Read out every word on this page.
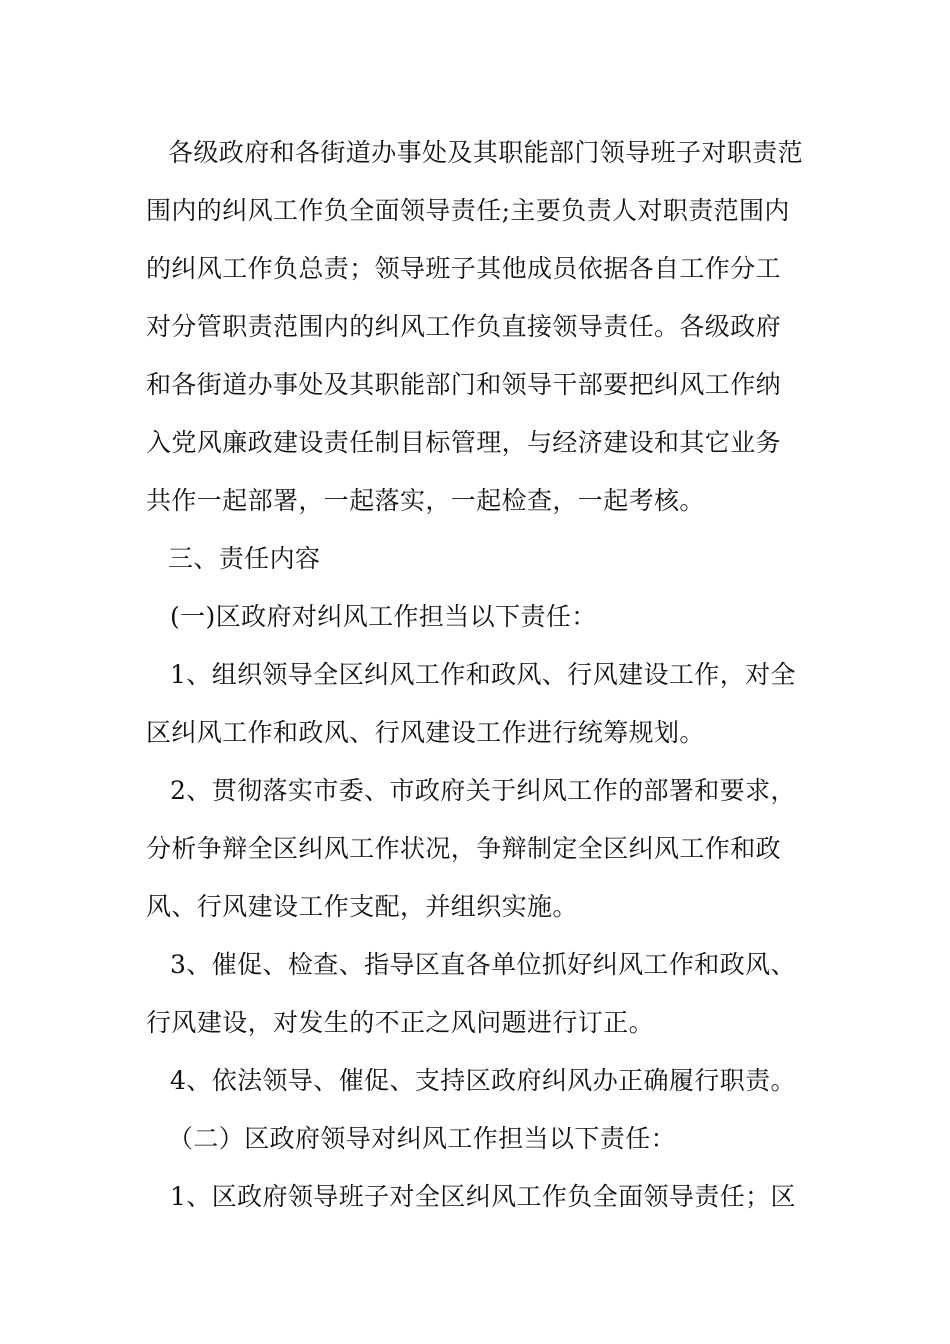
各级政府和各街道办事处及其职能部门领导班子对职责范
围内的纠风工作负全面领导责任;主要负责人对职责范围内
的纠风工作负总责；领导班子其他成员依据各自工作分工
对分管职责范围内的纠风工作负直接领导责任。各级政府
和各街道办事处及其职能部门和领导干部要把纠风工作纳
入党风廉政建设责任制目标管理，与经济建设和其它业务
共作一起部署，一起落实，一起检查，一起考核。
三、责任内容
(一)区政府对纠风工作担当以下责任：
1、组织领导全区纠风工作和政风、行风建设工作，对全
区纠风工作和政风、行风建设工作进行统筹规划。
2、贯彻落实市委、市政府关于纠风工作的部署和要求，
分析争辩全区纠风工作状况，争辩制定全区纠风工作和政
风、行风建设工作支配，并组织实施。
3、催促、检查、指导区直各单位抓好纠风工作和政风、
行风建设，对发生的不正之风问题进行订正。
4、依法领导、催促、支持区政府纠风办正确履行职责。
（二）区政府领导对纠风工作担当以下责任：
1、区政府领导班子对全区纠风工作负全面领导责任；区
